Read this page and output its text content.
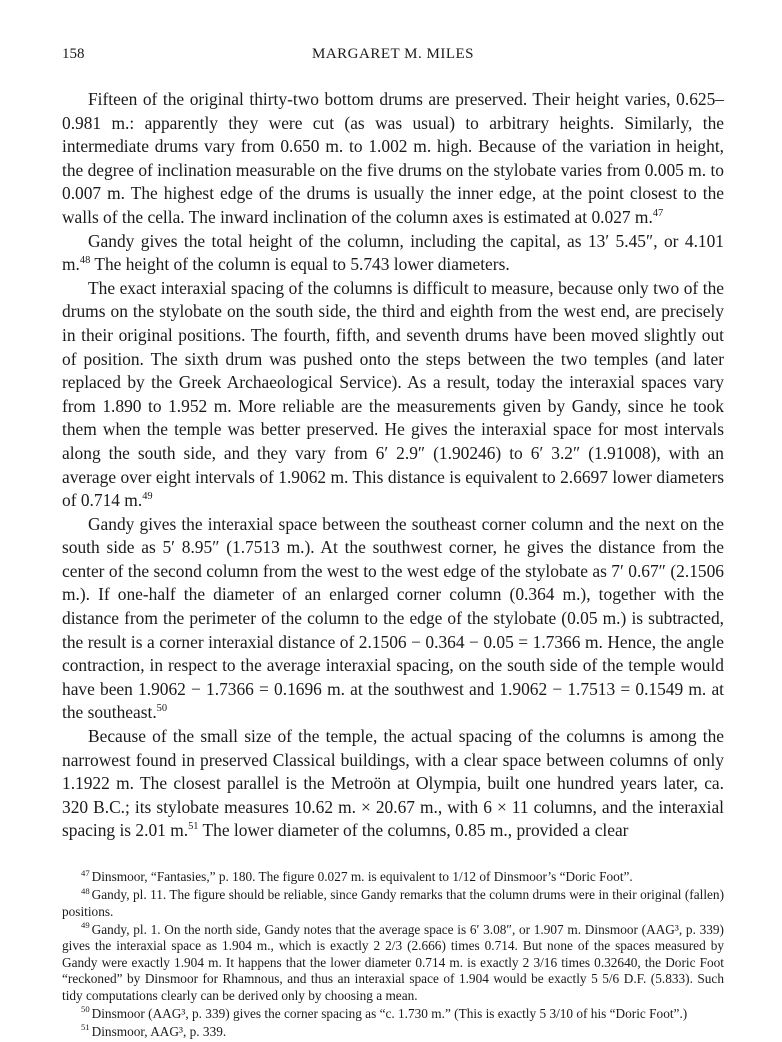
158	MARGARET M. MILES

Fifteen of the original thirty-two bottom drums are preserved. Their height varies, 0.625–0.981 m.: apparently they were cut (as was usual) to arbitrary heights. Similarly, the intermediate drums vary from 0.650 m. to 1.002 m. high. Because of the variation in height, the degree of inclination measurable on the five drums on the stylobate varies from 0.005 m. to 0.007 m. The highest edge of the drums is usually the inner edge, at the point closest to the walls of the cella. The inward inclination of the column axes is estimated at 0.027 m.$^{47}$

Gandy gives the total height of the column, including the capital, as 13′ 5.45″, or 4.101 m.$^{48}$ The height of the column is equal to 5.743 lower diameters.

The exact interaxial spacing of the columns is difficult to measure, because only two of the drums on the stylobate on the south side, the third and eighth from the west end, are precisely in their original positions. The fourth, fifth, and seventh drums have been moved slightly out of position. The sixth drum was pushed onto the steps between the two temples (and later replaced by the Greek Archaeological Service). As a result, today the interaxial spaces vary from 1.890 to 1.952 m. More reliable are the measurements given by Gandy, since he took them when the temple was better preserved. He gives the interaxial space for most intervals along the south side, and they vary from 6′ 2.9″ (1.90246) to 6′ 3.2″ (1.91008), with an average over eight intervals of 1.9062 m. This distance is equivalent to 2.6697 lower diameters of 0.714 m.$^{49}$

Gandy gives the interaxial space between the southeast corner column and the next on the south side as 5′ 8.95″ (1.7513 m.). At the southwest corner, he gives the distance from the center of the second column from the west to the west edge of the stylobate as 7′ 0.67″ (2.1506 m.). If one-half the diameter of an enlarged corner column (0.364 m.), together with the distance from the perimeter of the column to the edge of the stylobate (0.05 m.) is subtracted, the result is a corner interaxial distance of 2.1506 − 0.364 − 0.05 = 1.7366 m. Hence, the angle contraction, in respect to the average interaxial spacing, on the south side of the temple would have been 1.9062 − 1.7366 = 0.1696 m. at the southwest and 1.9062 − 1.7513 = 0.1549 m. at the southeast.$^{50}$

Because of the small size of the temple, the actual spacing of the columns is among the narrowest found in preserved Classical buildings, with a clear space between columns of only 1.1922 m. The closest parallel is the Metroön at Olympia, built one hundred years later, ca. 320 B.C.; its stylobate measures 10.62 m. × 20.67 m., with 6 × 11 columns, and the interaxial spacing is 2.01 m.$^{51}$ The lower diameter of the columns, 0.85 m., provided a clear

$^{47}$ Dinsmoor, “Fantasies,” p. 180. The figure 0.027 m. is equivalent to 1/12 of Dinsmoor’s “Doric Foot”.

$^{48}$ Gandy, pl. 11. The figure should be reliable, since Gandy remarks that the column drums were in their original (fallen) positions.

$^{49}$ Gandy, pl. 1. On the north side, Gandy notes that the average space is 6′ 3.08″, or 1.907 m. Dinsmoor (AAG³, p. 339) gives the interaxial space as 1.904 m., which is exactly 2 2/3 (2.666) times 0.714. But none of the spaces measured by Gandy were exactly 1.904 m. It happens that the lower diameter 0.714 m. is exactly 2 3/16 times 0.32640, the Doric Foot “reckoned” by Dinsmoor for Rhamnous, and thus an interaxial space of 1.904 would be exactly 5 5/6 D.F. (5.833). Such tidy computations clearly can be derived only by choosing a mean.

$^{50}$ Dinsmoor (AAG³, p. 339) gives the corner spacing as “c. 1.730 m.” (This is exactly 5 3/10 of his “Doric Foot”.)

$^{51}$ Dinsmoor, AAG³, p. 339.
